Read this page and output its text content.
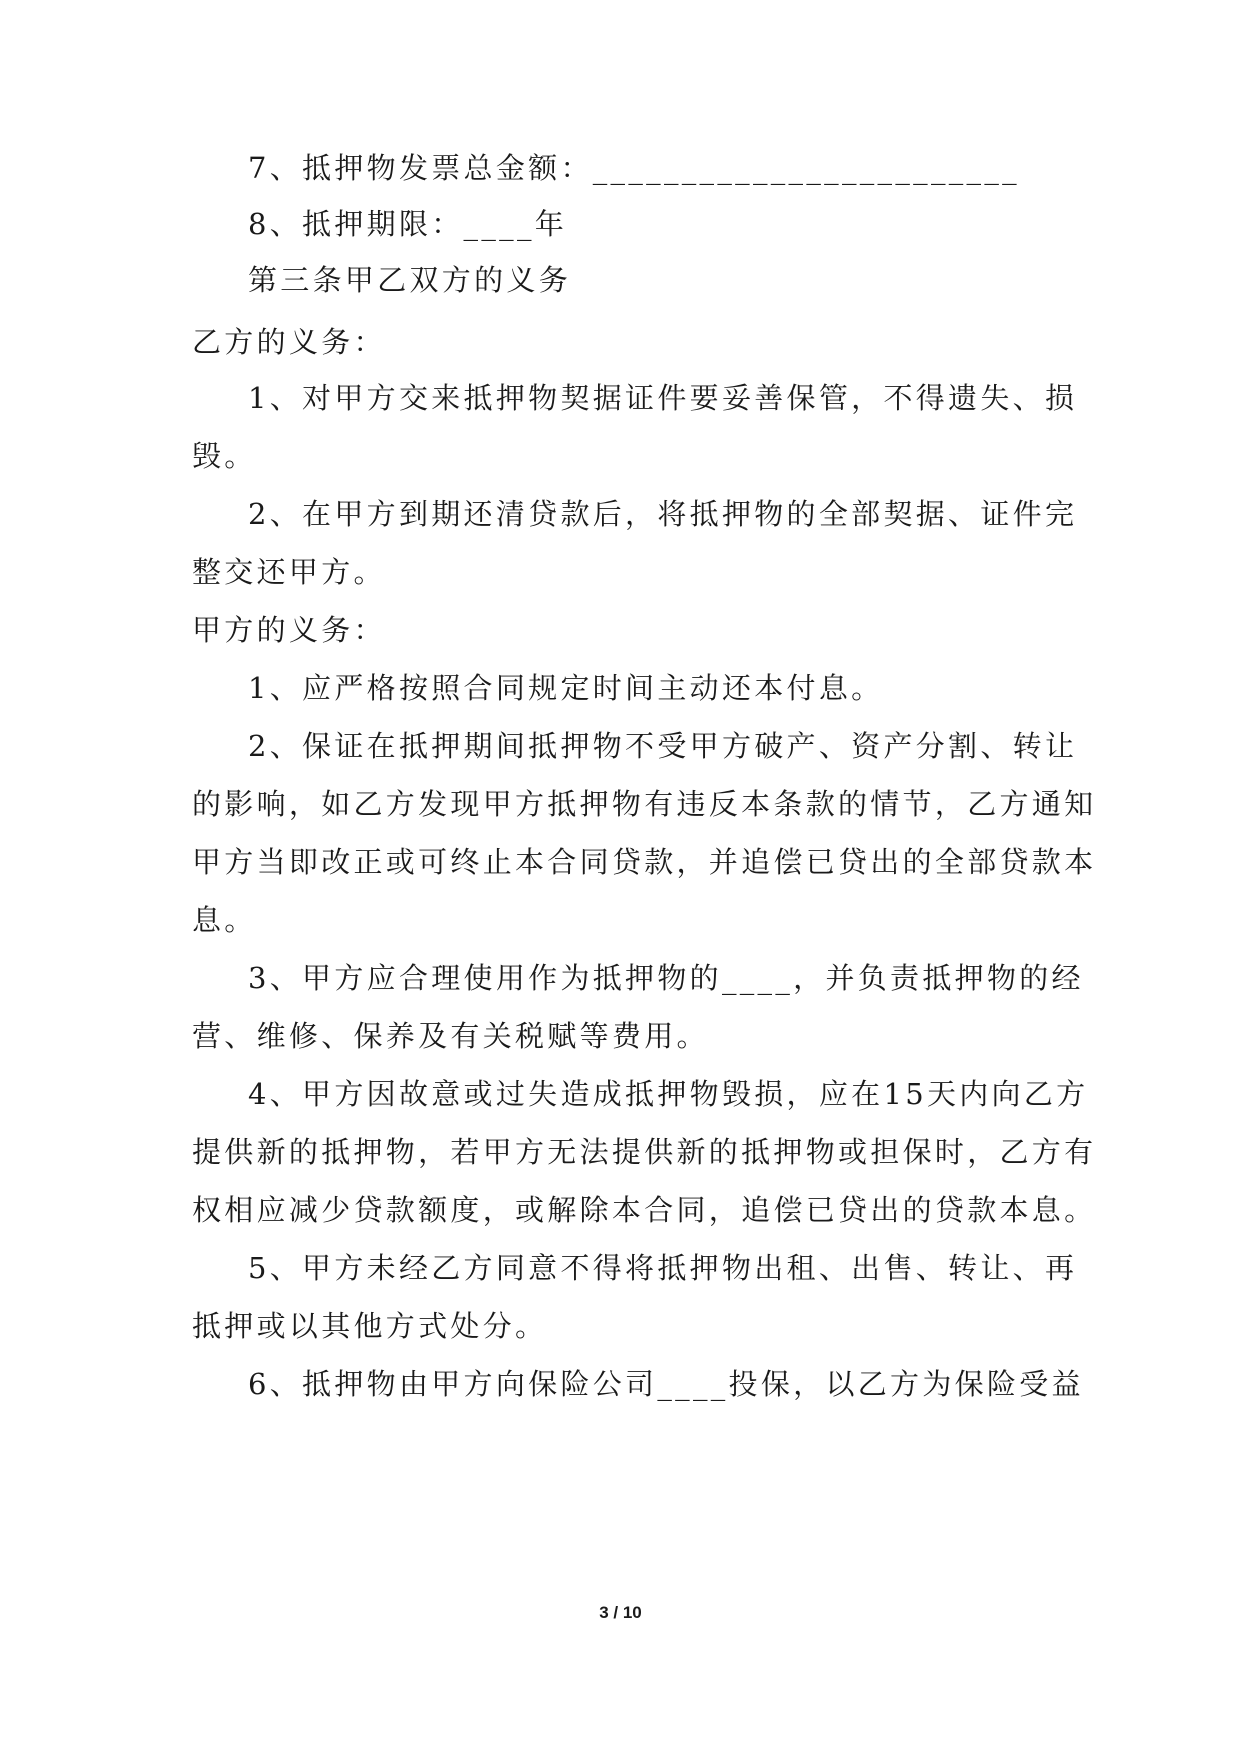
7、抵押物发票总金额：________________________
8、抵押期限：____年
第三条甲乙双方的义务
乙方的义务：
1、对甲方交来抵押物契据证件要妥善保管，不得遗失、损
毁。
2、在甲方到期还清贷款后，将抵押物的全部契据、证件完
整交还甲方。
甲方的义务：
1、应严格按照合同规定时间主动还本付息。
2、保证在抵押期间抵押物不受甲方破产、资产分割、转让
的影响，如乙方发现甲方抵押物有违反本条款的情节，乙方通知
甲方当即改正或可终止本合同贷款，并追偿已贷出的全部贷款本
息。
3、甲方应合理使用作为抵押物的____，并负责抵押物的经
营、维修、保养及有关税赋等费用。
4、甲方因故意或过失造成抵押物毁损，应在15天内向乙方
提供新的抵押物，若甲方无法提供新的抵押物或担保时，乙方有
权相应减少贷款额度，或解除本合同，追偿已贷出的贷款本息。
5、甲方未经乙方同意不得将抵押物出租、出售、转让、再
抵押或以其他方式处分。
6、抵押物由甲方向保险公司____投保，以乙方为保险受益
3 / 10
